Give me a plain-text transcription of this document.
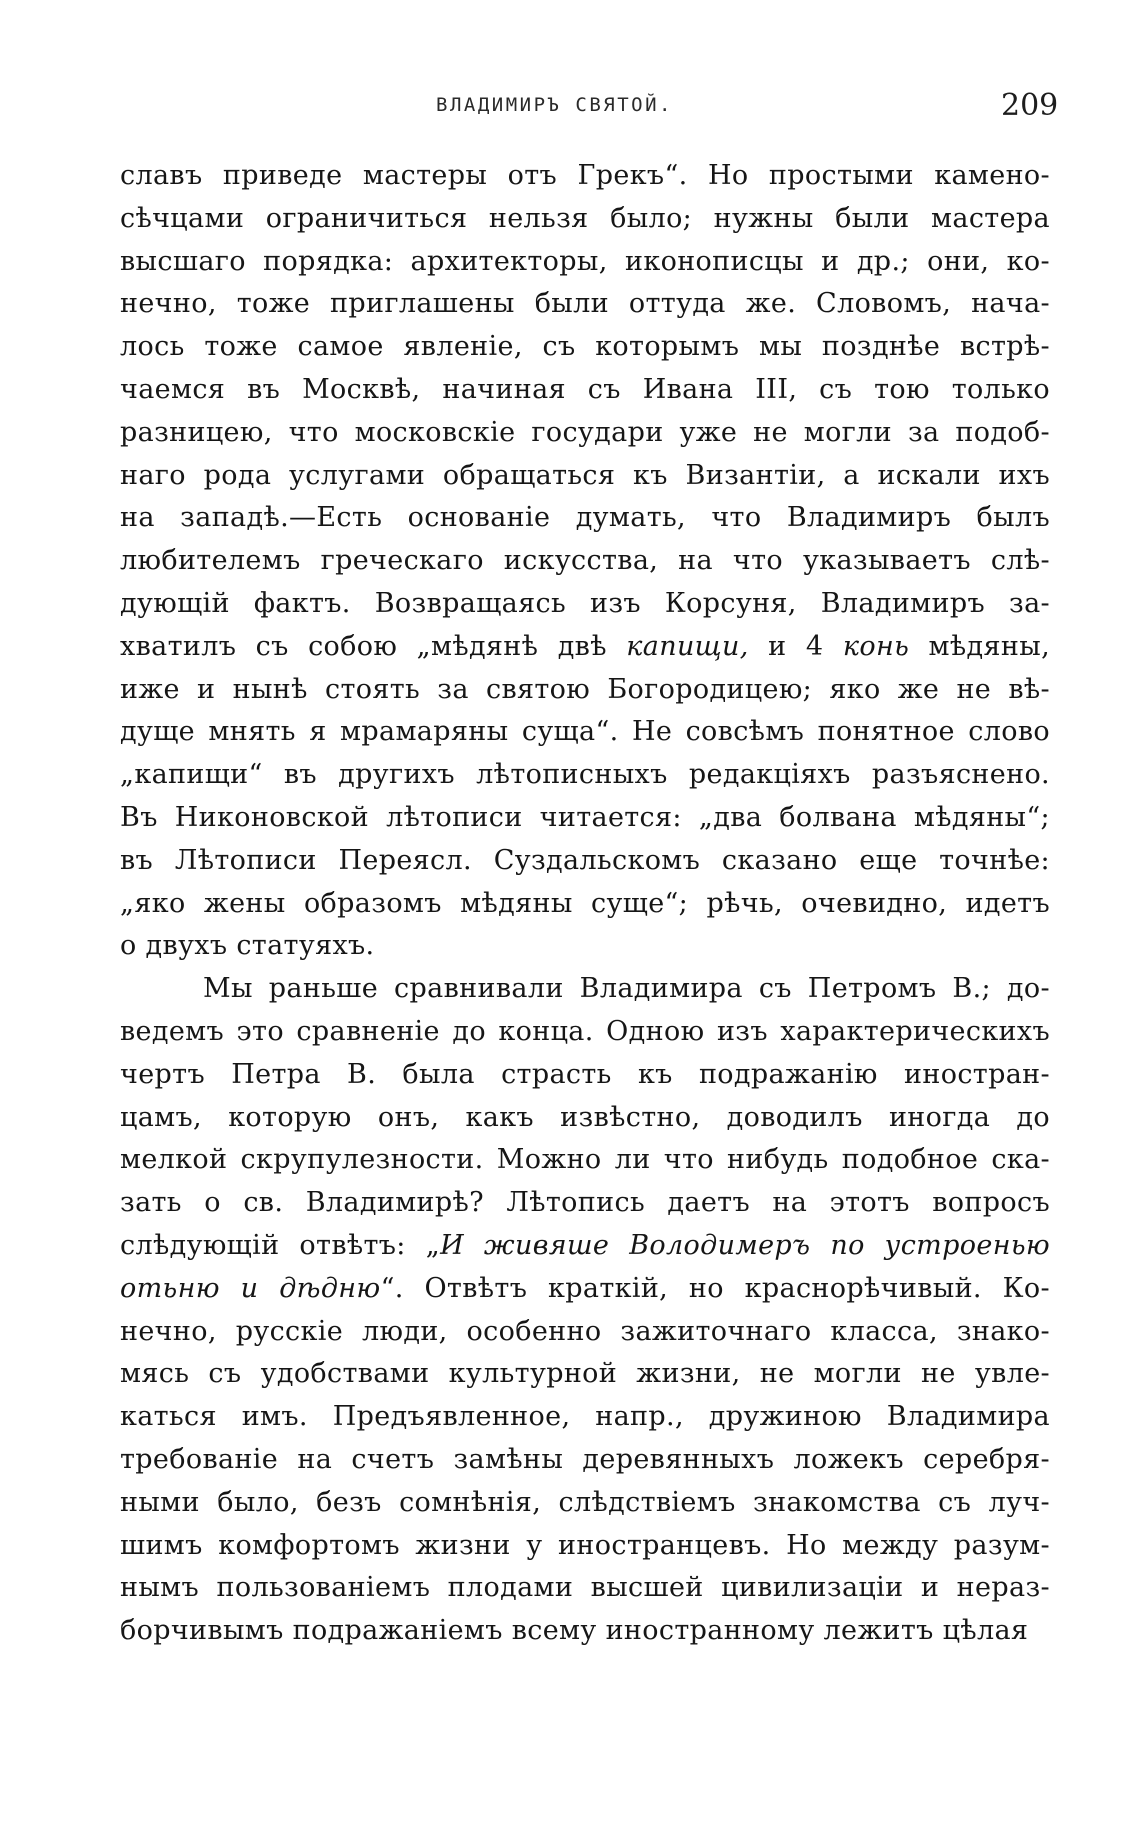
ВЛАДИМИРЪ СВЯТОЙ.	209
славъ приведе мастеры отъ Грекъ“. Но простыми камено-
сѣчцами ограничиться нельзя было; нужны были мастера
высшаго порядка: архитекторы, иконописцы и др.; они, ко-
нечно, тоже приглашены были оттуда же. Словомъ, нача-
лось тоже самое явленіе, съ которымъ мы позднѣе встрѣ-
чаемся въ Москвѣ, начиная съ Ивана III, съ тою только
разницею, что московскіе государи уже не могли за подоб-
наго рода услугами обращаться къ Византіи, а искали ихъ
на западѣ.—Есть основаніе думать, что Владимиръ былъ
любителемъ греческаго искусства, на что указываетъ слѣ-
дующій фактъ. Возвращаясь изъ Корсуня, Владимиръ за-
хватилъ съ собою „мѣдянѣ двѣ капищи, и 4 конь мѣдяны,
иже и нынѣ стоять за святою Богородицею; яко же не вѣ-
дуще мнять я мрамаряны суща“. Не совсѣмъ понятное слово
„капищи“ въ другихъ лѣтописныхъ редакціяхъ разъяснено.
Въ Никоновской лѣтописи читается: „два болвана мѣдяны“;
въ Лѣтописи Переясл. Суздальскомъ сказано еще точнѣе:
„яко жены образомъ мѣдяны суще“; рѣчь, очевидно, идетъ
о двухъ статуяхъ.
Мы раньше сравнивали Владимира съ Петромъ В.; до-
ведемъ это сравненіе до конца. Одною изъ характерическихъ
чертъ Петра В. была страсть къ подражанію иностран-
цамъ, которую онъ, какъ извѣстно, доводилъ иногда до
мелкой скрупулезности. Можно ли что нибудь подобное ска-
зать о св. Владимирѣ? Лѣтопись даетъ на этотъ вопросъ
слѣдующій отвѣтъ: „И живяше Володимеръ по устроенью
отьню и дѣдню“. Отвѣтъ краткій, но краснорѣчивый. Ко-
нечно, русскіе люди, особенно зажиточнаго класса, знако-
мясь съ удобствами культурной жизни, не могли не увле-
каться имъ. Предъявленное, напр., дружиною Владимира
требованіе на счетъ замѣны деревянныхъ ложекъ серебря-
ными было, безъ сомнѣнія, слѣдствіемъ знакомства съ луч-
шимъ комфортомъ жизни у иностранцевъ. Но между разум-
нымъ пользованіемъ плодами высшей цивилизаціи и нераз-
борчивымъ подражаніемъ всему иностранному лежитъ цѣлая
